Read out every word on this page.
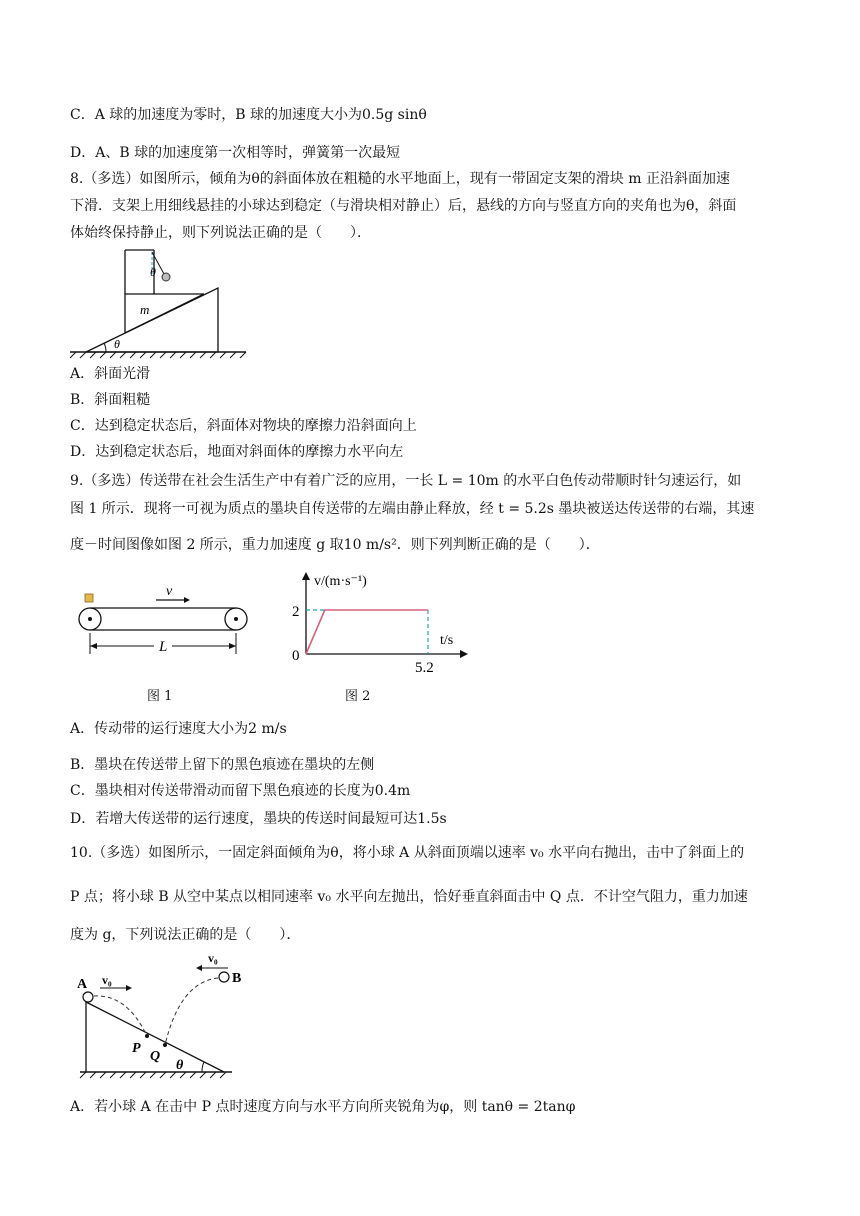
C．A 球的加速度为零时，B 球的加速度大小为0.5g sinθ
D．A、B 球的加速度第一次相等时，弹簧第一次最短
8.（多选）如图所示，倾角为θ的斜面体放在粗糙的水平地面上，现有一带固定支架的滑块 m 正沿斜面加速
下滑．支架上用细线悬挂的小球达到稳定（与滑块相对静止）后，悬线的方向与竖直方向的夹角也为θ，斜面
体始终保持静止，则下列说法正确的是（　　）．
θ
m
θ
A．斜面光滑
B．斜面粗糙
C．达到稳定状态后，斜面体对物块的摩擦力沿斜面向上
D．达到稳定状态后，地面对斜面体的摩擦力水平向左
9.（多选）传送带在社会生活生产中有着广泛的应用，一长 L = 10m 的水平白色传动带顺时针匀速运行，如
图 1 所示．现将一可视为质点的墨块自传送带的左端由静止释放，经 t = 5.2s 墨块被送达传送带的右端，其速
度－时间图像如图 2 所示，重力加速度 g 取10 m/s²．则下列判断正确的是（　　）．
v
L
图 1
v/(m·s⁻¹)
2
0
t/s
5.2
图 2
A．传动带的运行速度大小为2 m/s
B．墨块在传送带上留下的黑色痕迹在墨块的左侧
C．墨块相对传送带滑动而留下黑色痕迹的长度为0.4m
D．若增大传送带的运行速度，墨块的传送时间最短可达1.5s
10.（多选）如图所示，一固定斜面倾角为θ，将小球 A 从斜面顶端以速率 v₀ 水平向右抛出，击中了斜面上的
P 点；将小球 B 从空中某点以相同速率 v₀ 水平向左抛出，恰好垂直斜面击中 Q 点．不计空气阻力，重力加速
度为 g，下列说法正确的是（　　）．
A v₀
P
B
v₀
Q
θ
A．若小球 A 在击中 P 点时速度方向与水平方向所夹锐角为φ，则 tanθ = 2tanφ
